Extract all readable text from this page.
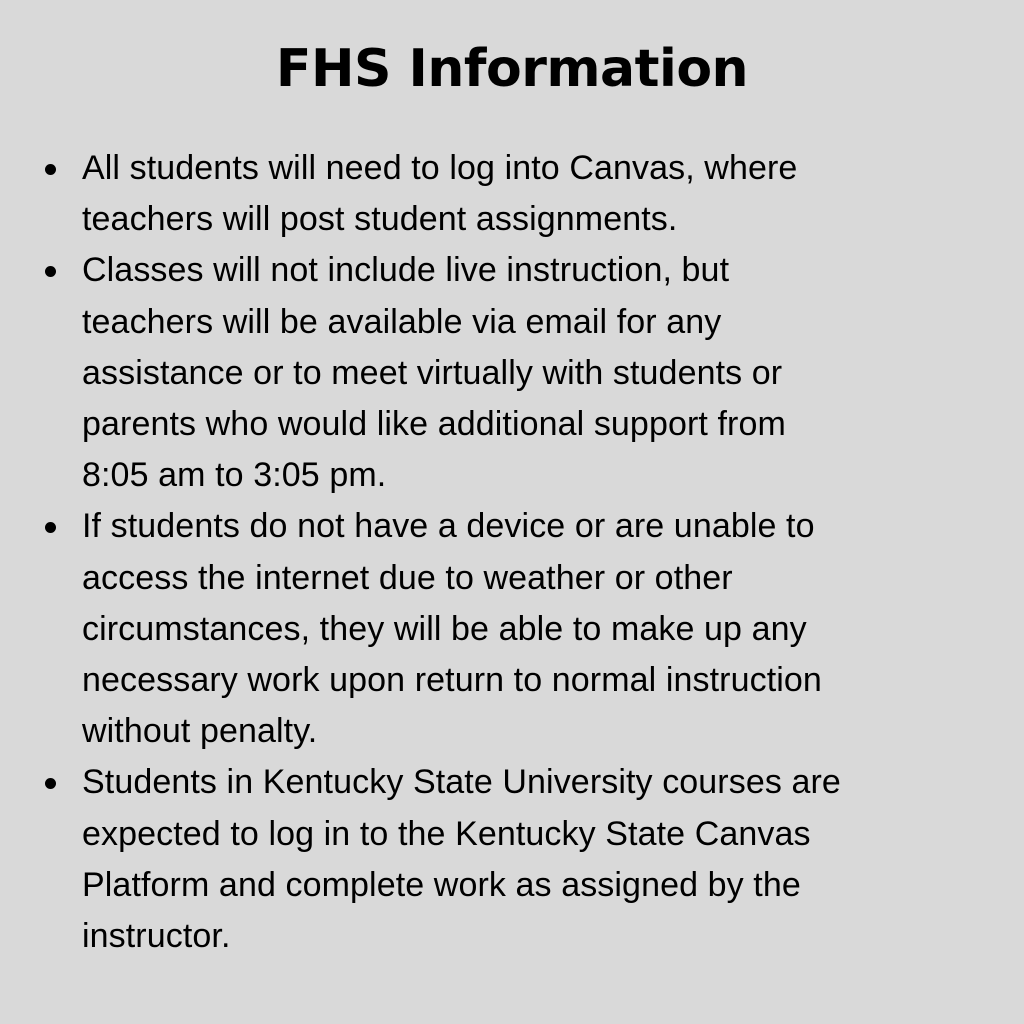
FHS Information
All students will need to log into Canvas, where
teachers will post student assignments.
Classes will not include live instruction, but
teachers will be available via email for any
assistance or to meet virtually with students or
parents who would like additional support from
8:05 am to 3:05 pm.
If students do not have a device or are unable to
access the internet due to weather or other
circumstances, they will be able to make up any
necessary work upon return to normal instruction
without penalty.
Students in Kentucky State University courses are
expected to log in to the Kentucky State Canvas
Platform and complete work as assigned by the
instructor.
